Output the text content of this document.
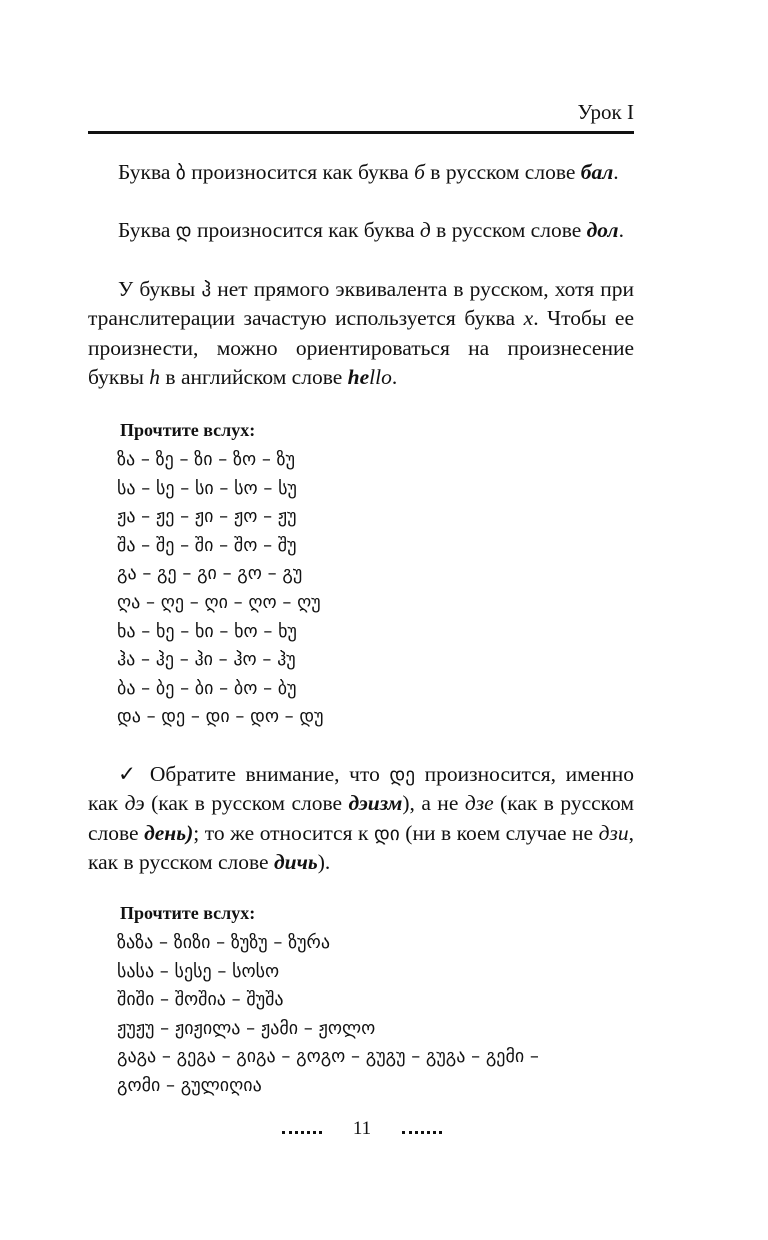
Урок I

Буква ბ произносится как буква б в русском слове бал.

Буква დ произносится как буква д в русском слове дол.

У буквы ჰ нет прямого эквивалента в русском, хотя при транслитерации зачастую используется буква х. Чтобы ее произнести, можно ориентироваться на произнесение буквы h в английском слове hello.

Прочтите вслух:
ზა – ზე – ზი – ზო – ზუ
სა – სე – სი – სო – სუ
ჟა – ჟე – ჟი – ჟო – ჟუ
შა – შე – ში – შო – შუ
გა – გე – გი – გო – გუ
ღა – ღე – ღი – ღო – ღუ
ხა – ხე – ხი – ხო – ხუ
ჰა – ჰე – ჰი – ჰო – ჰუ
ბა – ბე – ბი – ბო – ბუ
და – დე – დი – დო – დუ

✓ Обратите внимание, что დე произносится, именно как дэ (как в русском слове дэизм), а не дзе (как в русском слове день); то же относится к დი (ни в коем случае не дзи, как в русском слове дичь).

Прочтите вслух:
ზაზა – ზიზი – ზუზუ – ზურა
სასა – სესე – სოსო
შიში – შოშია – შუშა
ჟუჟუ – ჟიჟილა – ჟამი – ჟოლო
გაგა – გეგა – გიგა – გოგო – გუგუ – გუგა – გემი –
გომი – გულიღია
11
